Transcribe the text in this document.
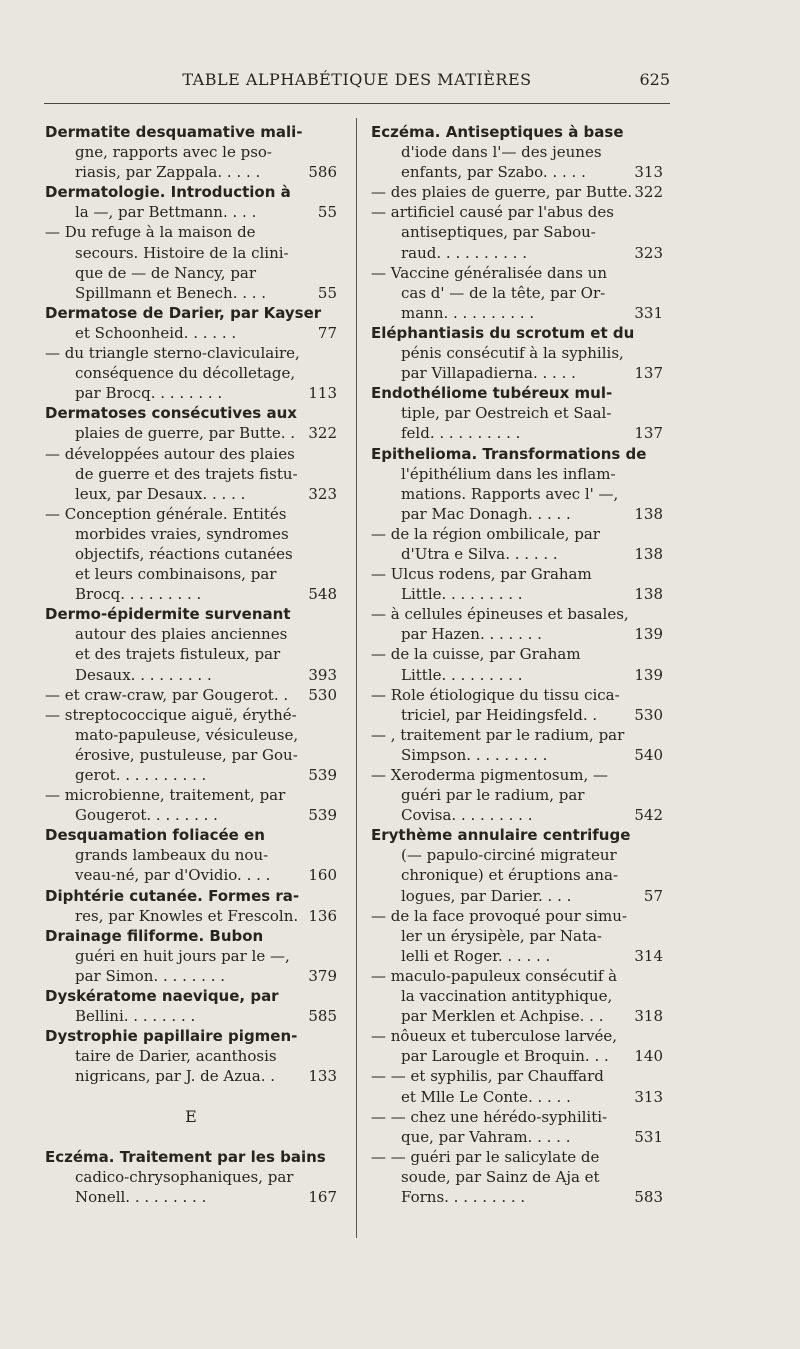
TABLE ALPHABÉTIQUE DES MATIÈRES	625
Dermatite desquamative mali-
gne, rapports avec le pso-
riasis, par Zappala. . . . .	586
Dermatologie. Introduction à
la —, par Bettmann. . . .	55
— Du refuge à la maison de
secours. Histoire de la clini-
que de — de Nancy, par
Spillmann et Benech. . . .	55
Dermatose de Darier, par Kayser
et Schoonheid. . . . . .	77
— du triangle sterno-claviculaire,
conséquence du décolletage,
par Brocq. . . . . . . .	113
Dermatoses consécutives aux
plaies de guerre, par Butte. . 322
— développées autour des plaies
de guerre et des trajets fistu-
leux, par Desaux. . . . .	323
— Conception générale. Entités
morbides vraies, syndromes
objectifs, réactions cutanées
et leurs combinaisons, par
Brocq. . . . . . . . .	548
Dermo-épidermite survenant
autour des plaies anciennes
et des trajets fistuleux, par
Desaux. . . . . . . . .	393
— et craw-craw, par Gougerot. .	530
— streptococcique aiguë, érythé-
mato-papuleuse, vésiculeuse,
érosive, pustuleuse, par Gou-
gerot. . . . . . . . . .	539
— microbienne, traitement, par
Gougerot. . . . . . . .	539
Desquamation foliacée en
grands lambeaux du nou-
veau-né, par d'Ovidio. . . .	160
Diphtérie cutanée. Formes ra-
res, par Knowles et Frescoln. 136
Drainage filiforme. Bubon
guéri en huit jours par le —,
par Simon. . . . . . . .	379
Dyskératome naevique, par
Bellini. . . . . . . .	585
Dystrophie papillaire pigmen-
taire de Darier, acanthosis
nigricans, par J. de Azua. .	133
E
Eczéma. Traitement par les bains
cadico-chrysophaniques, par
Nonell. . . . . . . . .	167
Eczéma. Antiseptiques à base
d'iode dans l'— des jeunes
enfants, par Szabo. . . . .	313
— des plaies de guerre, par Butte. 322
— artificiel causé par l'abus des
antiseptiques, par Sabou-
raud. . . . . . . . . .	323
— Vaccine généralisée dans un
cas d' — de la tête, par Or-
mann. . . . . . . . . .	331
Eléphantiasis du scrotum et du
pénis consécutif à la syphilis,
par Villapadierna. . . . .	137
Endothéliome tubéreux mul-
tiple, par Oestreich et Saal-
feld. . . . . . . . . .	137
Epithelioma. Transformations de
l'épithélium dans les inflam-
mations. Rapports avec l' —,
par Mac Donagh. . . . .	138
— de la région ombilicale, par
d'Utra e Silva. . . . . .	138
— Ulcus rodens, par Graham
Little. . . . . . . . .	138
— à cellules épineuses et basales,
par Hazen. . . . . . .	139
— de la cuisse, par Graham
Little. . . . . . . . .	139
— Role étiologique du tissu cica-
triciel, par Heidingsfeld. .	530
— , traitement par le radium, par
Simpson. . . . . . . . .	540
— Xeroderma pigmentosum, —
guéri par le radium, par
Covisa. . . . . . . . .	542
Erythème annulaire centrifuge
(— papulo-circiné migrateur
chronique) et éruptions ana-
logues, par Darier. . . .	57
— de la face provoqué pour simu-
ler un érysipèle, par Nata-
lelli et Roger. . . . . .	314
— maculo-papuleux consécutif à
la vaccination antityphique,
par Merklen et Achpise. . .	318
— nôueux et tuberculose larvée,
par Larougle et Broquin. . .	140
— — et syphilis, par Chauffard
et Mlle Le Conte. . . . .	313
— — chez une hérédo-syphiliti-
que, par Vahram. . . . .	531
— — guéri par le salicylate de
soude, par Sainz de Aja et
Forns. . . . . . . . .	583
